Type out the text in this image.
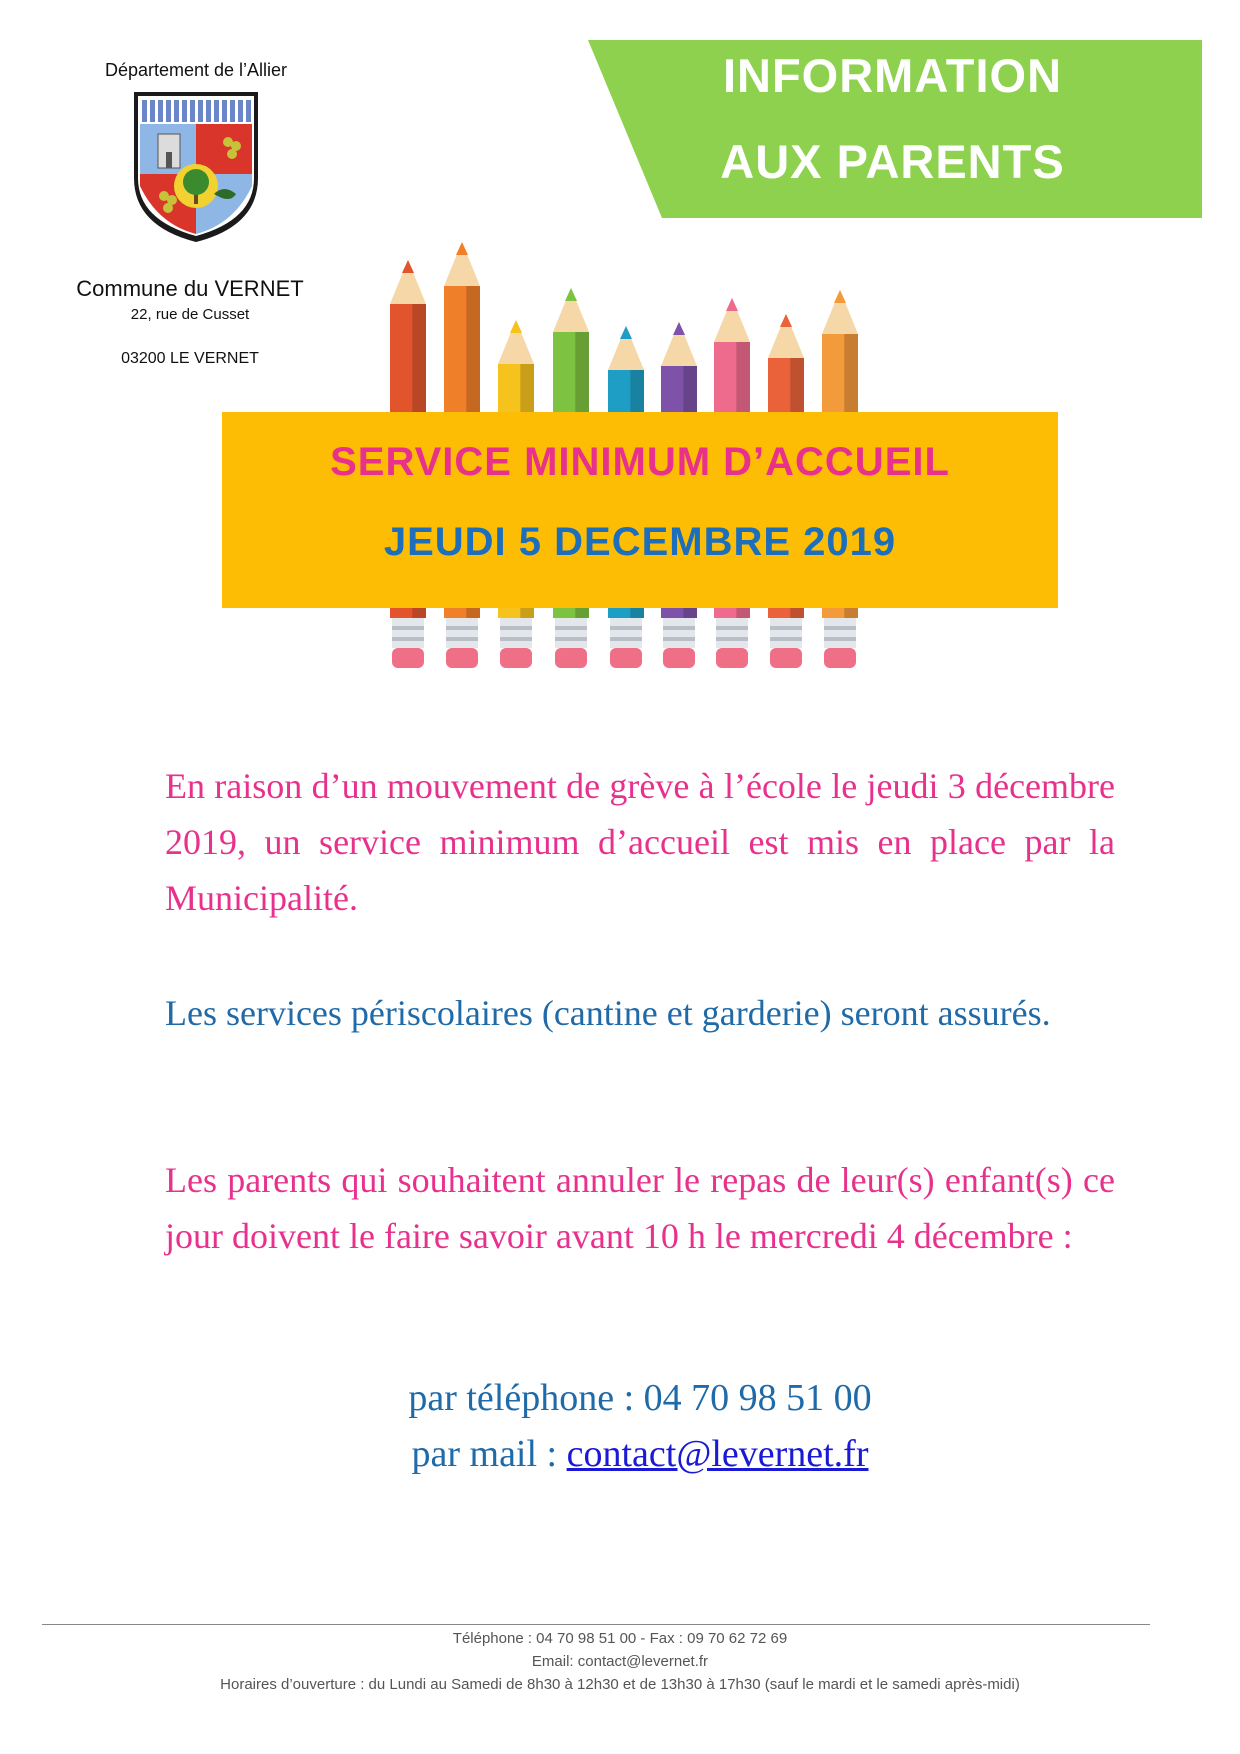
Département de l’Allier
Commune du VERNET
22, rue de Cusset
03200 LE VERNET
INFORMATION
AUX PARENTS
SERVICE MINIMUM D’ACCUEIL
JEUDI 5 DECEMBRE 2019

En raison d’un mouvement de grève à l’école le jeudi 3 décembre 2019, un service minimum d’accueil est mis en place par la Municipalité.

Les services périscolaires (cantine et garderie) seront assurés.

Les parents qui souhaitent annuler le repas de leur(s) enfant(s) ce jour doivent le faire savoir avant 10 h le mercredi 4 décembre :

par téléphone : 04 70 98 51 00
par mail : contact@levernet.fr
Téléphone : 04 70 98 51 00 - Fax : 09 70 62 72 69
Email: contact@levernet.fr
Horaires d’ouverture : du Lundi au Samedi de 8h30 à 12h30 et de 13h30 à 17h30 (sauf le mardi et le samedi après-midi)
